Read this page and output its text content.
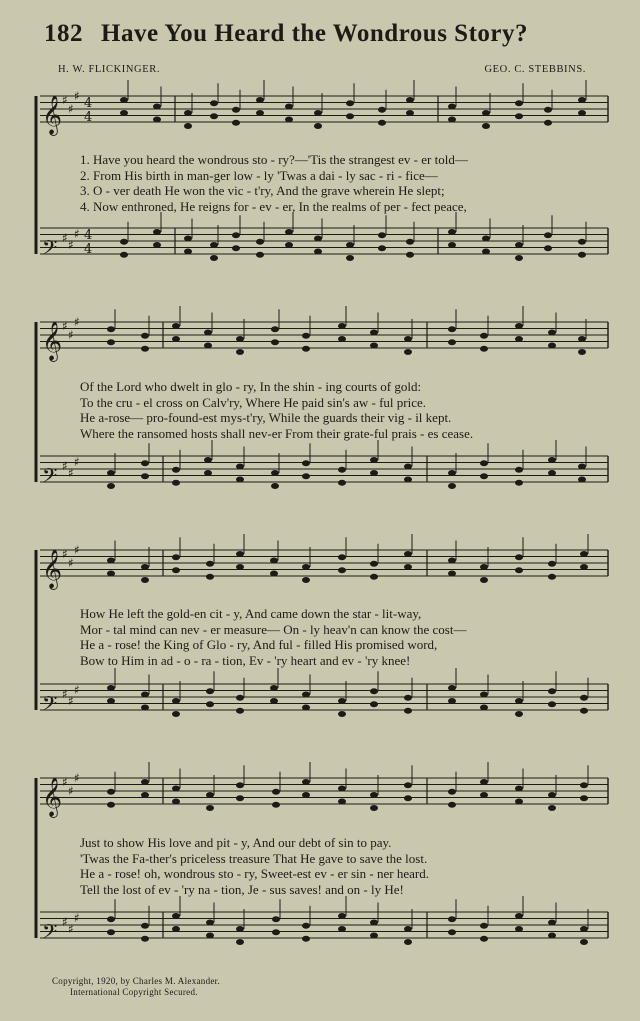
182 Have You Heard the Wondrous Story?
H. W. FLICKINGER.	GEO. C. STEBBINS.
𝄞 ♯
♯
♯ 4
4
𝄢 ♯ ♯
♯ 4
4
𝄞 ♯
♯
♯
𝄢 ♯ ♯
♯
𝄞 ♯
♯
♯
𝄢 ♯ ♯
♯
𝄞 ♯
♯
♯
𝄢 ♯ ♯
♯
1. Have you heard the wondrous sto - ry?—'Tis the strangest ev - er told—
2. From His birth in man-ger low - ly 'Twas a dai - ly sac - ri - fice—
3. O - ver death He won the vic - t'ry, And the grave wherein He slept;
4. Now enthroned, He reigns for - ev - er, In the realms of per - fect peace,
Of the Lord who dwelt in glo - ry, In the shin - ing courts of gold:
To the cru - el cross on Calv'ry, Where He paid sin's aw - ful price.
He a-rose— pro-found-est mys-t'ry, While the guards their vig - il kept.
Where the ransomed hosts shall nev-er From their grate-ful prais - es cease.
How He left the gold-en cit - y, And came down the star - lit-way,
Mor - tal mind can nev - er measure— On - ly heav'n can know the cost—
He a - rose! the King of Glo - ry, And ful - filled His promised word,
Bow to Him in ad - o - ra - tion, Ev - 'ry heart and ev - 'ry knee!
Just to show His love and pit - y, And our debt of sin to pay.
'Twas the Fa-ther's priceless treasure That He gave to save the lost.
He a - rose! oh, wondrous sto - ry, Sweet-est ev - er sin - ner heard.
Tell the lost of ev - 'ry na - tion, Je - sus saves! and on - ly He!
Copyright, 1920, by Charles M. Alexander.
International Copyright Secured.
